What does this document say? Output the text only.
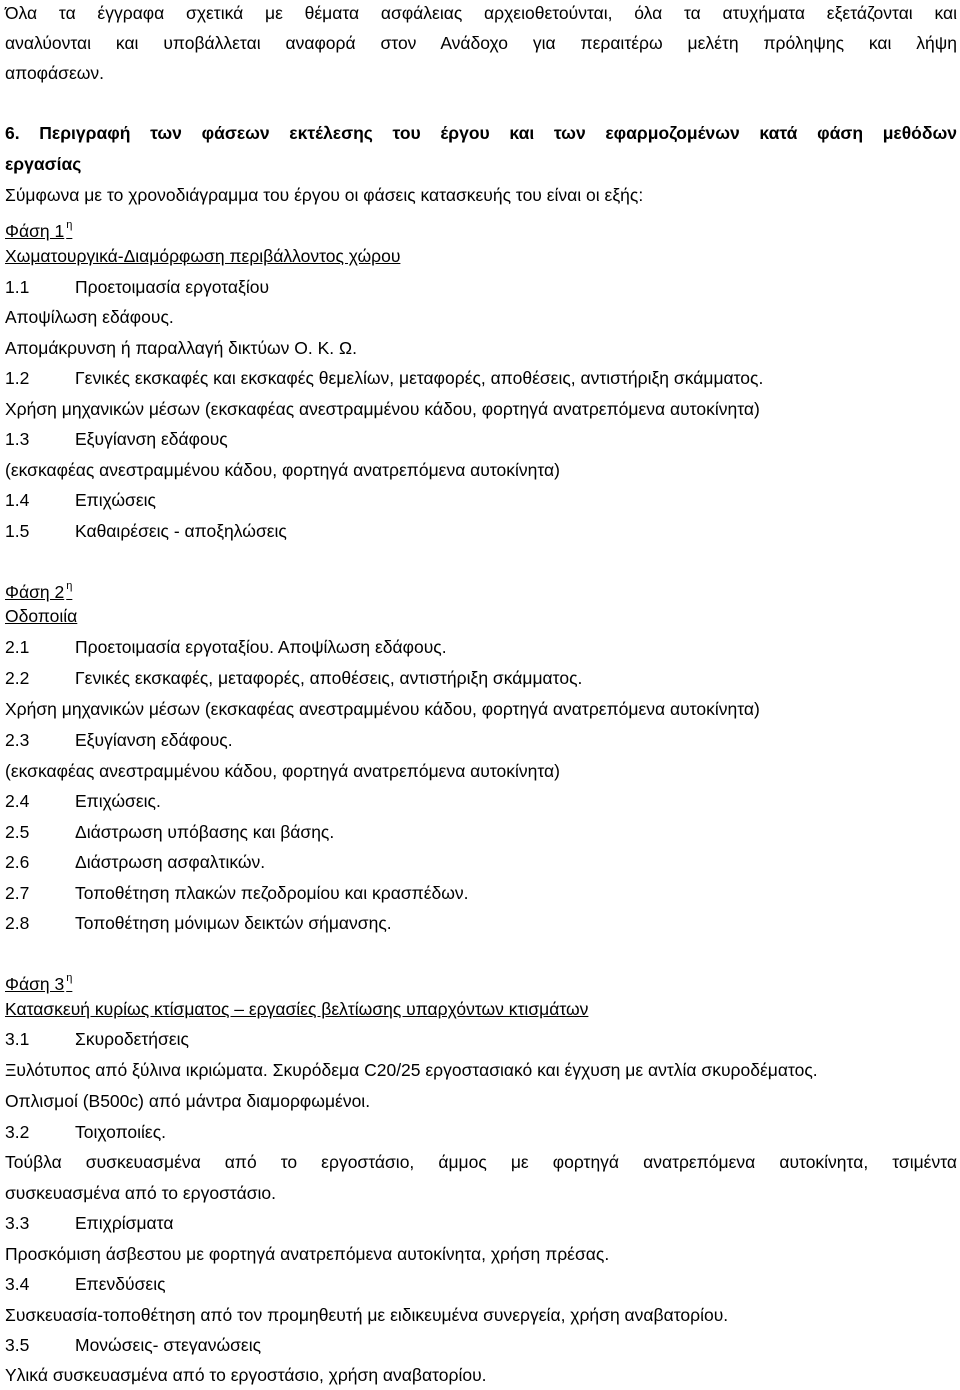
Όλα τα έγγραφα σχετικά με θέματα ασφάλειας αρχειοθετούνται, όλα τα ατυχήματα εξετάζονται και
αναλύονται και υποβάλλεται αναφορά στον Ανάδοχο για περαιτέρω μελέτη πρόληψης και λήψη
αποφάσεων.
6. Περιγραφή των φάσεων εκτέλεσης του έργου και των εφαρμοζομένων κατά φάση μεθόδων
εργασίας
Σύμφωνα με το χρονοδιάγραμμα του έργου οι φάσεις κατασκευής του είναι οι εξής:
Φάση 1 $^\eta$
Χωματουργικά-Διαμόρφωση περιβάλλοντος χώρου
1.1	Προετοιμασία εργοταξίου
Αποψίλωση εδάφους.
Απομάκρυνση ή παραλλαγή δικτύων Ο. Κ. Ω.
1.2	Γενικές εκσκαφές και εκσκαφές θεμελίων, μεταφορές, αποθέσεις, αντιστήριξη σκάμματος.
Χρήση μηχανικών μέσων (εκσκαφέας ανεστραμμένου κάδου, φορτηγά ανατρεπόμενα αυτοκίνητα)
1.3	Εξυγίανση εδάφους
(εκσκαφέας ανεστραμμένου κάδου, φορτηγά ανατρεπόμενα αυτοκίνητα)
1.4	Επιχώσεις
1.5	Καθαιρέσεις - αποξηλώσεις
Φάση 2 $^\eta$
Οδοποιία
2.1	Προετοιμασία εργοταξίου. Αποψίλωση εδάφους.
2.2	Γενικές εκσκαφές, μεταφορές, αποθέσεις, αντιστήριξη σκάμματος.
Χρήση μηχανικών μέσων (εκσκαφέας ανεστραμμένου κάδου, φορτηγά ανατρεπόμενα αυτοκίνητα)
2.3	Εξυγίανση εδάφους.
(εκσκαφέας ανεστραμμένου κάδου, φορτηγά ανατρεπόμενα αυτοκίνητα)
2.4	Επιχώσεις.
2.5	Διάστρωση υπόβασης και βάσης.
2.6	Διάστρωση ασφαλτικών.
2.7	Τοποθέτηση πλακών πεζοδρομίου και κρασπέδων.
2.8	Τοποθέτηση μόνιμων δεικτών σήμανσης.
Φάση 3 $^\eta$
Κατασκευή κυρίως κτίσματος – εργασίες βελτίωσης υπαρχόντων κτισμάτων
3.1	Σκυροδετήσεις
Ξυλότυπος από ξύλινα ικριώματα. Σκυρόδεμα C20/25 εργοστασιακό και έγχυση με αντλία σκυροδέματος.
Οπλισμοί (B500c) από μάντρα διαμορφωμένοι.
3.2	Τοιχοποιίες.
Τούβλα συσκευασμένα από το εργοστάσιο, άμμος με φορτηγά ανατρεπόμενα αυτοκίνητα, τσιμέντα
συσκευασμένα από το εργοστάσιο.
3.3	Επιχρίσματα
Προσκόμιση άσβεστου με φορτηγά ανατρεπόμενα αυτοκίνητα, χρήση πρέσας.
3.4	Επενδύσεις
Συσκευασία-τοποθέτηση από τον προμηθευτή με ειδικευμένα συνεργεία, χρήση αναβατορίου.
3.5	Μονώσεις- στεγανώσεις
Υλικά συσκευασμένα από το εργοστάσιο, χρήση αναβατορίου.
